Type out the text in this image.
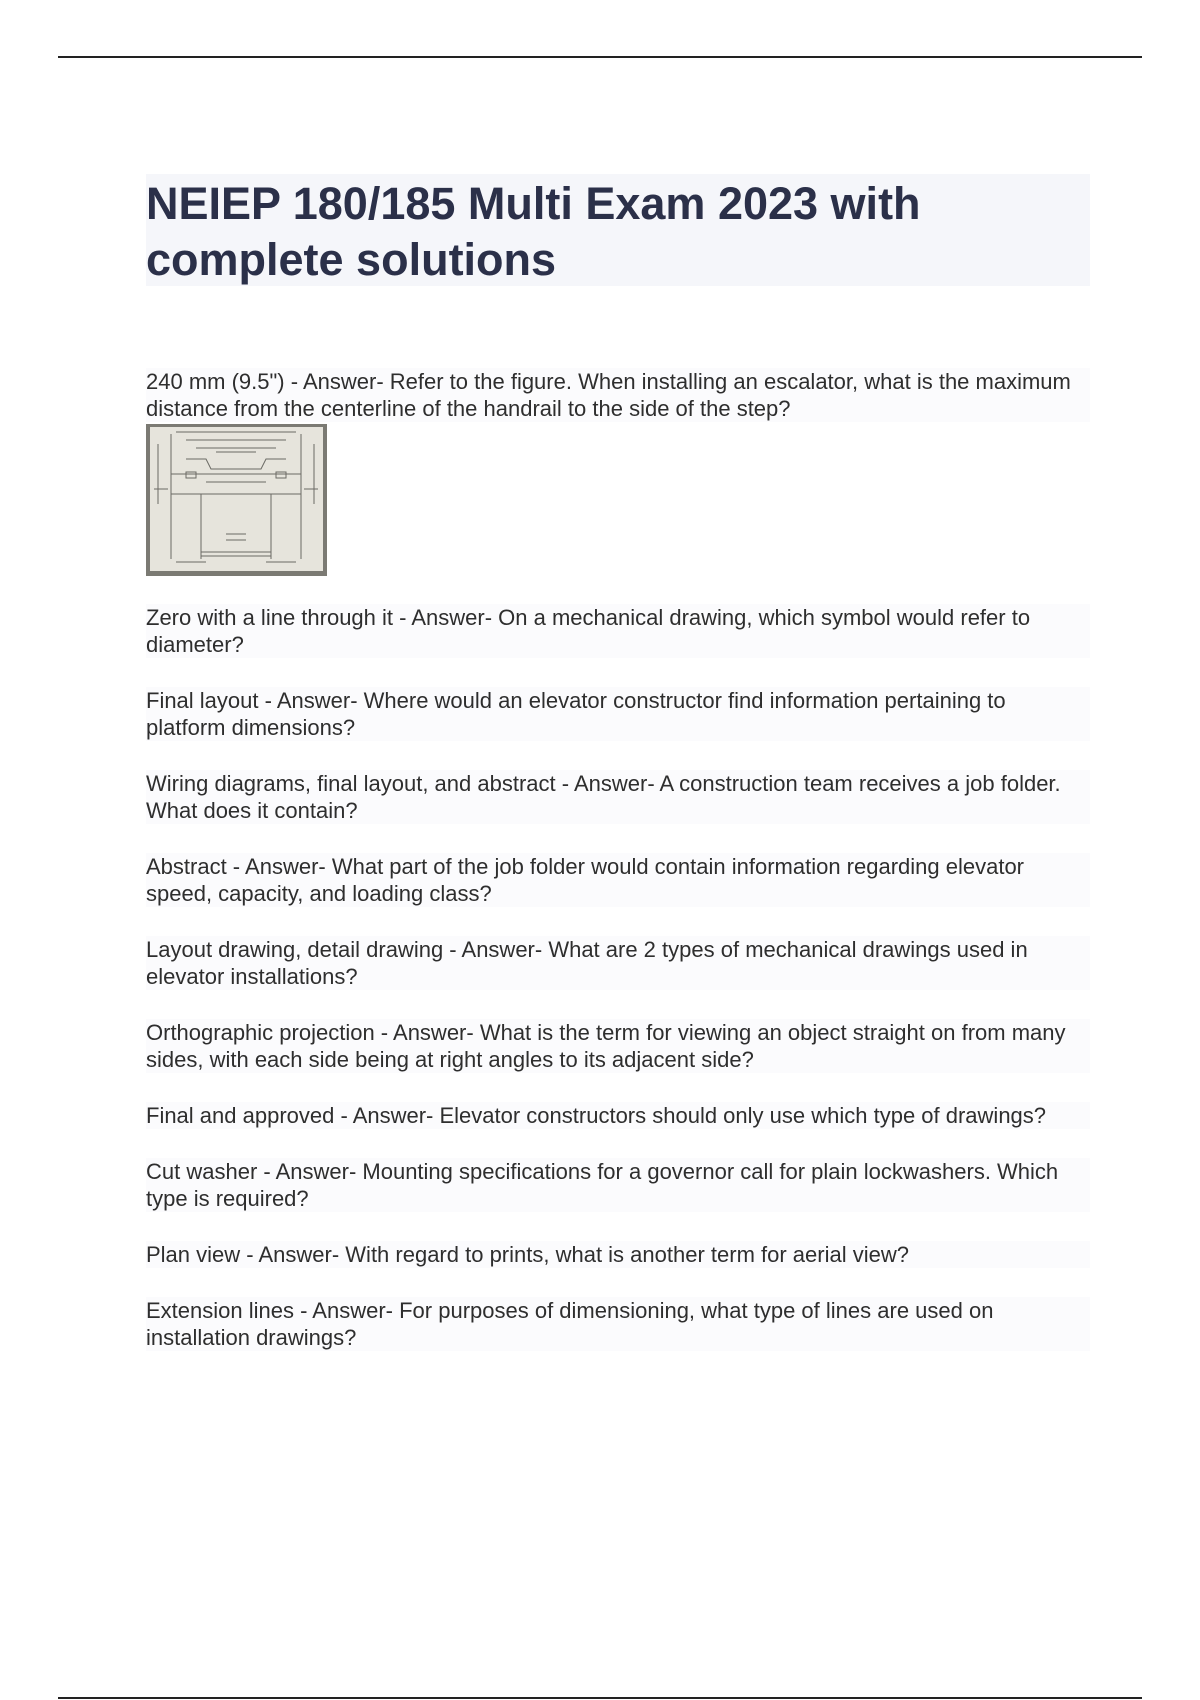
NEIEP 180/185 Multi Exam 2023 with complete solutions
240 mm (9.5") - Answer- Refer to the figure. When installing an escalator, what is the maximum distance from the centerline of the handrail to the side of the step?
Zero with a line through it - Answer- On a mechanical drawing, which symbol would refer to diameter?
Final layout - Answer- Where would an elevator constructor find information pertaining to platform dimensions?
Wiring diagrams, final layout, and abstract - Answer- A construction team receives a job folder. What does it contain?
Abstract - Answer- What part of the job folder would contain information regarding elevator speed, capacity, and loading class?
Layout drawing, detail drawing - Answer- What are 2 types of mechanical drawings used in elevator installations?
Orthographic projection - Answer- What is the term for viewing an object straight on from many sides, with each side being at right angles to its adjacent side?
Final and approved - Answer- Elevator constructors should only use which type of drawings?
Cut washer - Answer- Mounting specifications for a governor call for plain lockwashers. Which type is required?
Plan view - Answer- With regard to prints, what is another term for aerial view?
Extension lines - Answer- For purposes of dimensioning, what type of lines are used on installation drawings?
